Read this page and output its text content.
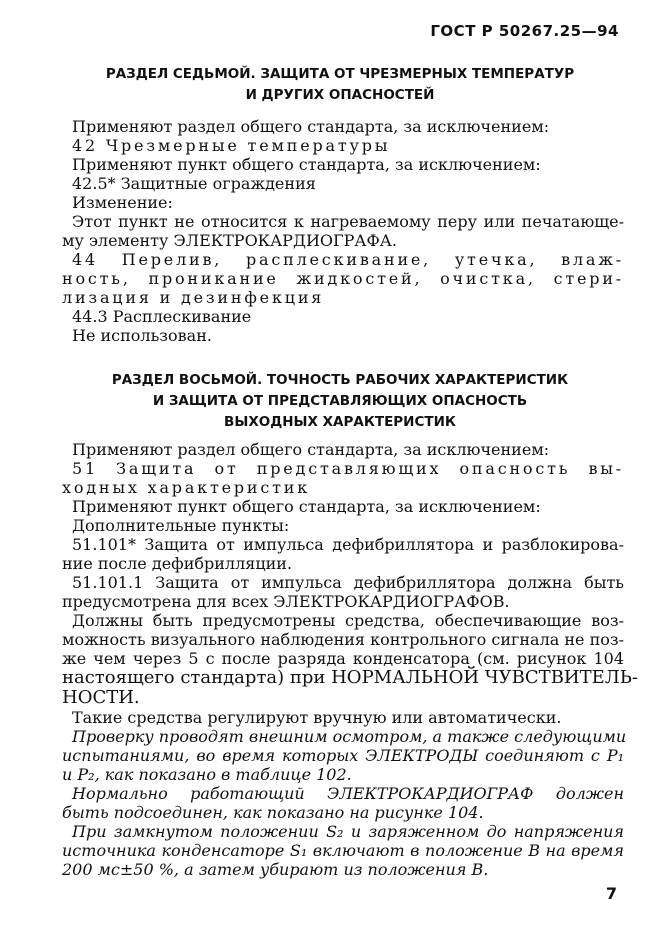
ГОСТ Р 50267.25—94
РАЗДЕЛ СЕДЬМОЙ. ЗАЩИТА ОТ ЧРЕЗМЕРНЫХ ТЕМПЕРАТУР
И ДРУГИХ ОПАСНОСТЕЙ
Применяют раздел общего стандарта, за исключением:
42 Чрезмерные температуры
Применяют пункт общего стандарта, за исключением:
42.5* Защитные ограждения
Изменение:
Этот пункт не относится к нагреваемому перу или печатающе-
му элементу ЭЛЕКТРОКАРДИОГРАФА.
44 Перелив, расплескивание, утечка, влаж-
ность, проникание жидкостей, очистка, стери-
лизация и дезинфекция
44.3 Расплескивание
Не использован.
РАЗДЕЛ ВОСЬМОЙ. ТОЧНОСТЬ РАБОЧИХ ХАРАКТЕРИСТИК
И ЗАЩИТА ОТ ПРЕДСТАВЛЯЮЩИХ ОПАСНОСТЬ
ВЫХОДНЫХ ХАРАКТЕРИСТИК
Применяют раздел общего стандарта, за исключением:
51 Защита от представляющих опасность вы-
ходных характеристик
Применяют пункт общего стандарта, за исключением:
Дополнительные пункты:
51.101* Защита от импульса дефибриллятора и разблокирова-
ние после дефибрилляции.
51.101.1 Защита от импульса дефибриллятора должна быть
предусмотрена для всех ЭЛЕКТРОКАРДИОГРАФОВ.
Должны быть предусмотрены средства, обеспечивающие воз-
можность визуального наблюдения контрольного сигнала не поз-
же чем через 5 с после разряда конденсатора (см. рисунок 104
настоящего стандарта) при НОРМАЛЬНОЙ ЧУВСТВИТЕЛЬ-
НОСТИ.
Такие средства регулируют вручную или автоматически.
Проверку проводят внешним осмотром, а также следующими
испытаниями, во время которых ЭЛЕКТРОДЫ соединяют с P₁
и P₂, как показано в таблице 102.
Нормально работающий ЭЛЕКТРОКАРДИОГРАФ должен
быть подсоединен, как показано на рисунке 104.
При замкнутом положении S₂ и заряженном до напряжения
источника конденсаторе S₁ включают в положение B на время
200 мс±50 %, а затем убирают из положения B.
7
